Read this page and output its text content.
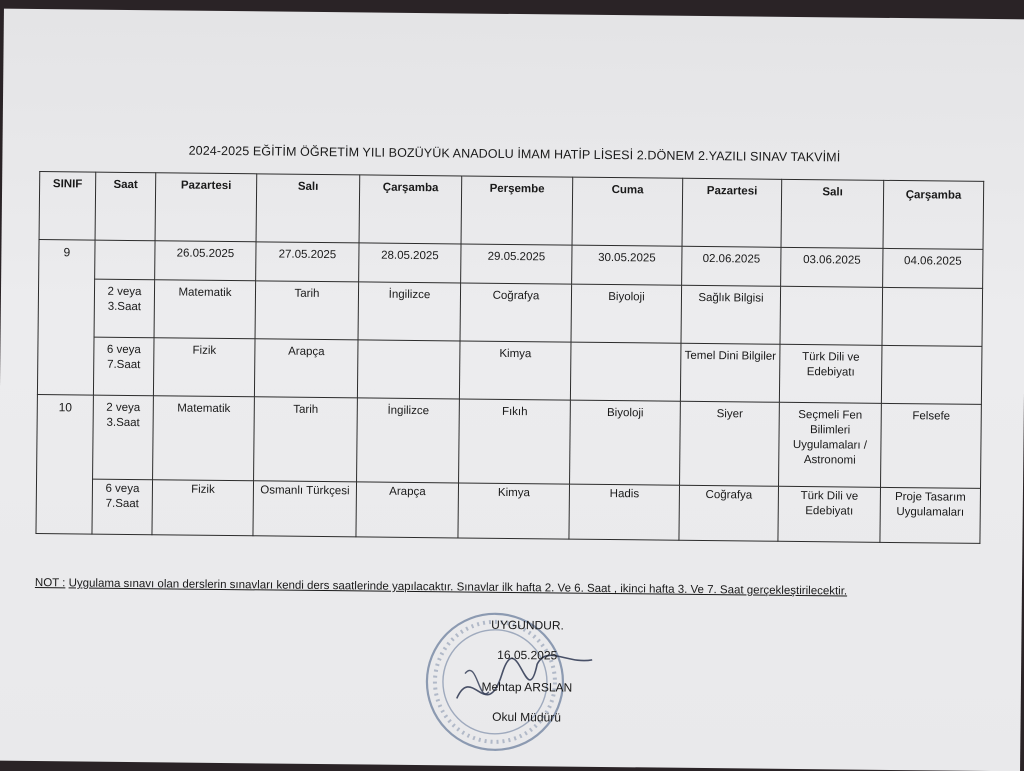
2024-2025 EĞİTİM ÖĞRETİM YILI BOZÜYÜK ANADOLU İMAM HATİP LİSESİ 2.DÖNEM 2.YAZILI SINAV TAKVİMİ
SINIF	Saat	Pazartesi	Salı	Çarşamba	Perşembe	Cuma	Pazartesi	Salı	Çarşamba
9		26.05.2025	27.05.2025	28.05.2025	29.05.2025	30.05.2025	02.06.2025	03.06.2025	04.06.2025
	2 veya 3.Saat	Matematik	Tarih	İngilizce	Coğrafya	Biyoloji	Sağlık Bilgisi		
	6 veya 7.Saat	Fizik	Arapça		Kimya		Temel Dini Bilgiler	Türk Dili ve Edebiyatı	
10	2 veya 3.Saat	Matematik	Tarih	İngilizce	Fıkıh	Biyoloji	Siyer	Seçmeli Fen Bilimleri Uygulamaları / Astronomi	Felsefe
	6 veya 7.Saat	Fizik	Osmanlı Türkçesi	Arapça	Kimya	Hadis	Coğrafya	Türk Dili ve Edebiyatı	Proje Tasarım Uygulamaları
NOT : Uygulama sınavı olan derslerin sınavları kendi ders saatlerinde yapılacaktır. Sınavlar ilk hafta 2. Ve 6. Saat , ikinci hafta 3. Ve 7. Saat gerçekleştirilecektir.
UYGUNDUR.
16.05.2025
Mehtap ARSLAN
Okul Müdürü
